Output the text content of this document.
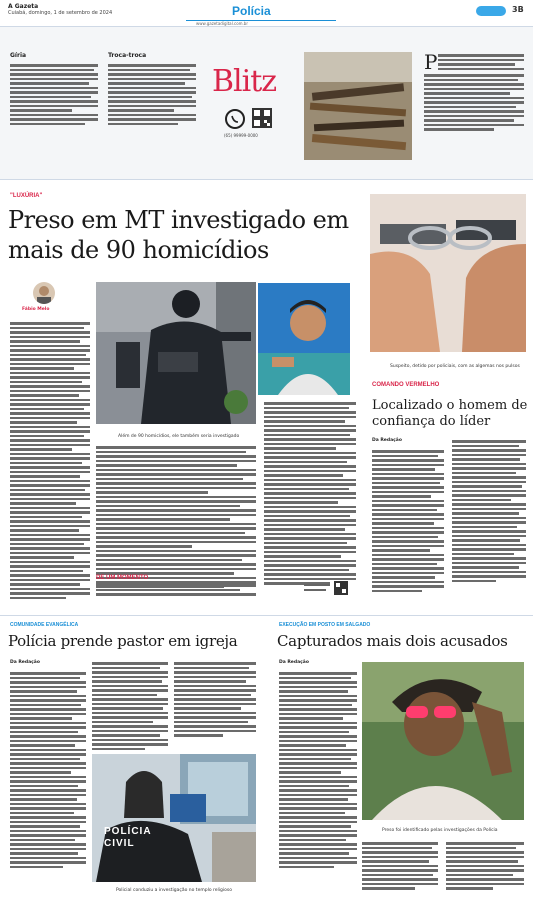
A Gazeta
Cuiabá, domingo, 1 de setembro de 2024	Polícia
www.gazetadigital.com.br
3B
Gíria	Troca-troca
Blitz
(65) 99999-0000
P
"LUXÚRIA"
Preso em MT investigado em mais de 90 homicídios
Fábio Melo
Além de 90 homicídios, ele também seria investigado
DE UM MOMENTO
Suspeito, detido por policiais, com as algemas nos pulsos
COMANDO VERMELHO
Localizado o homem de confiança do líder
Da Redação
COMUNIDADE EVANGÉLICA
Polícia prende pastor em igreja
Da Redação
POLÍCIA CIVIL
Policial conduziu a investigação no templo religioso
EXECUÇÃO EM POSTO EM SALGADO
Capturados mais dois acusados
Da Redação
Preso foi identificado pelas investigações da Polícia
